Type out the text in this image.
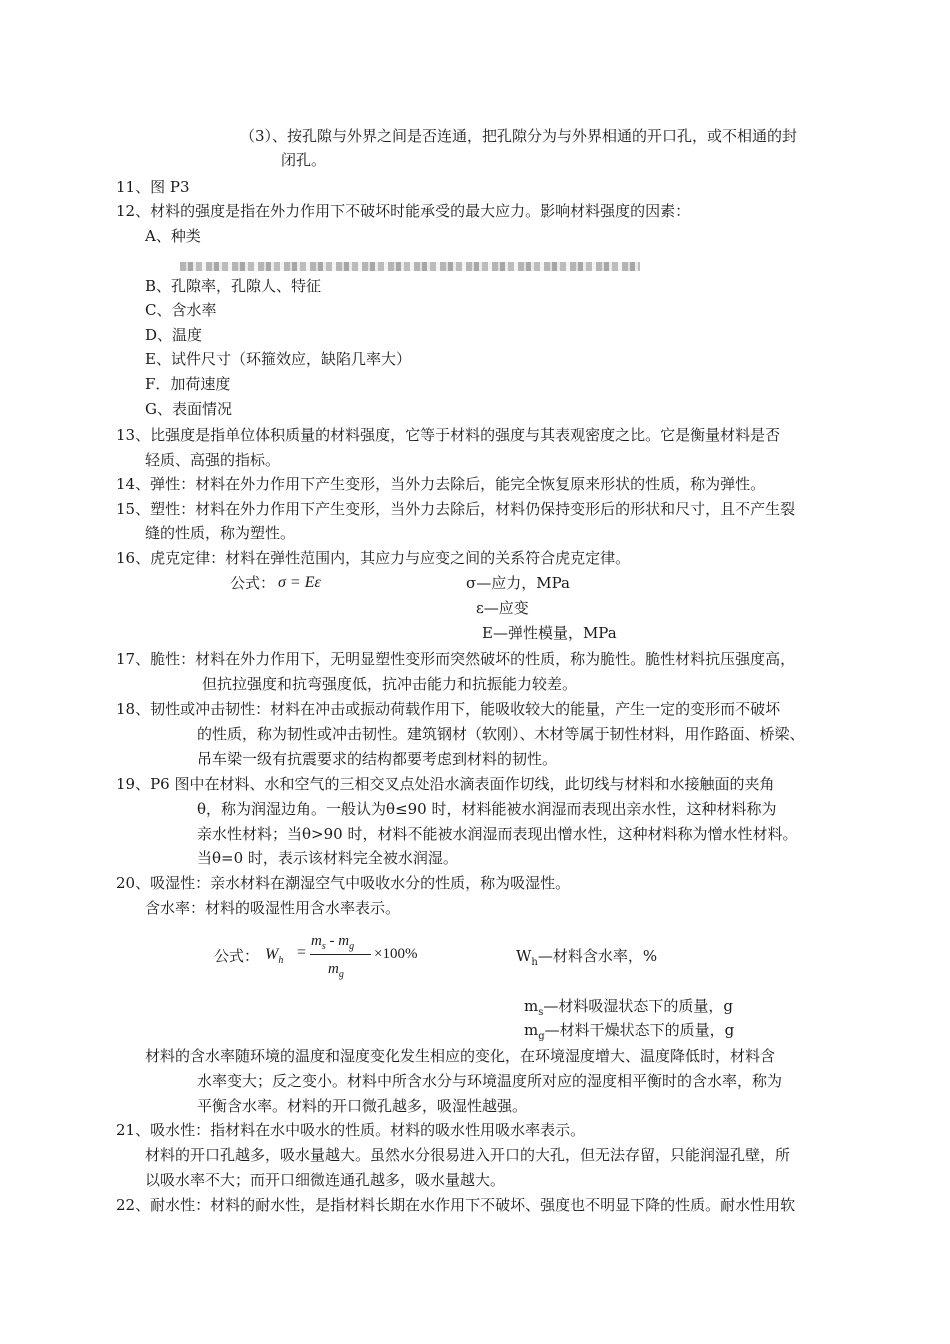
（3）、按孔隙与外界之间是否连通，把孔隙分为与外界相通的开口孔，或不相通的封
闭孔。
11、图 P3
12、材料的强度是指在外力作用下不破坏时能承受的最大应力。影响材料强度的因素：
A、种类
B、孔隙率，孔隙人、特征
C、含水率
D、温度
E、试件尺寸（环箍效应，缺陷几率大）
F．加荷速度
G、表面情况
13、比强度是指单位体积质量的材料强度，它等于材料的强度与其表观密度之比。它是衡量材料是否
轻质、高强的指标。
14、弹性：材料在外力作用下产生变形，当外力去除后，能完全恢复原来形状的性质，称为弹性。
15、塑性：材料在外力作用下产生变形，当外力去除后，材料仍保持变形后的形状和尺寸，且不产生裂
缝的性质，称为塑性。
16、虎克定律：材料在弹性范围内，其应力与应变之间的关系符合虎克定律。
公式： σ = Eε	σ—应力，MPa
ε—应变
E—弹性模量，MPa
17、脆性：材料在外力作用下，无明显塑性变形而突然破坏的性质，称为脆性。脆性材料抗压强度高，
但抗拉强度和抗弯强度低，抗冲击能力和抗振能力较差。
18、韧性或冲击韧性：材料在冲击或振动荷载作用下，能吸收较大的能量，产生一定的变形而不破坏
的性质，称为韧性或冲击韧性。建筑钢材（软刚）、木材等属于韧性材料，用作路面、桥梁、
吊车梁一级有抗震要求的结构都要考虑到材料的韧性。
19、P6 图中在材料、水和空气的三相交叉点处沿水滴表面作切线，此切线与材料和水接触面的夹角
θ，称为润湿边角。一般认为θ≤90 时，材料能被水润湿而表现出亲水性，这种材料称为
亲水性材料；当θ>90 时，材料不能被水润湿而表现出憎水性，这种材料称为憎水性材料。
当θ=0 时，表示该材料完全被水润湿。
20、吸湿性：亲水材料在潮湿空气中吸收水分的性质，称为吸湿性。
含水率：材料的吸湿性用含水率表示。
公式： $W_h$ =
$m_s - m_g$
$m_g$
×100%	$W_h—$材料含水率，%
$m_s—$材料吸湿状态下的质量，g
$m_g—$材料干燥状态下的质量，g
材料的含水率随环境的温度和湿度变化发生相应的变化，在环境湿度增大、温度降低时，材料含
水率变大；反之变小。材料中所含水分与环境温度所对应的湿度相平衡时的含水率，称为
平衡含水率。材料的开口微孔越多，吸湿性越强。
21、吸水性：指材料在水中吸水的性质。材料的吸水性用吸水率表示。
材料的开口孔越多，吸水量越大。虽然水分很易进入开口的大孔，但无法存留，只能润湿孔壁，所
以吸水率不大；而开口细微连通孔越多，吸水量越大。
22、耐水性：材料的耐水性，是指材料长期在水作用下不破坏、强度也不明显下降的性质。耐水性用软
